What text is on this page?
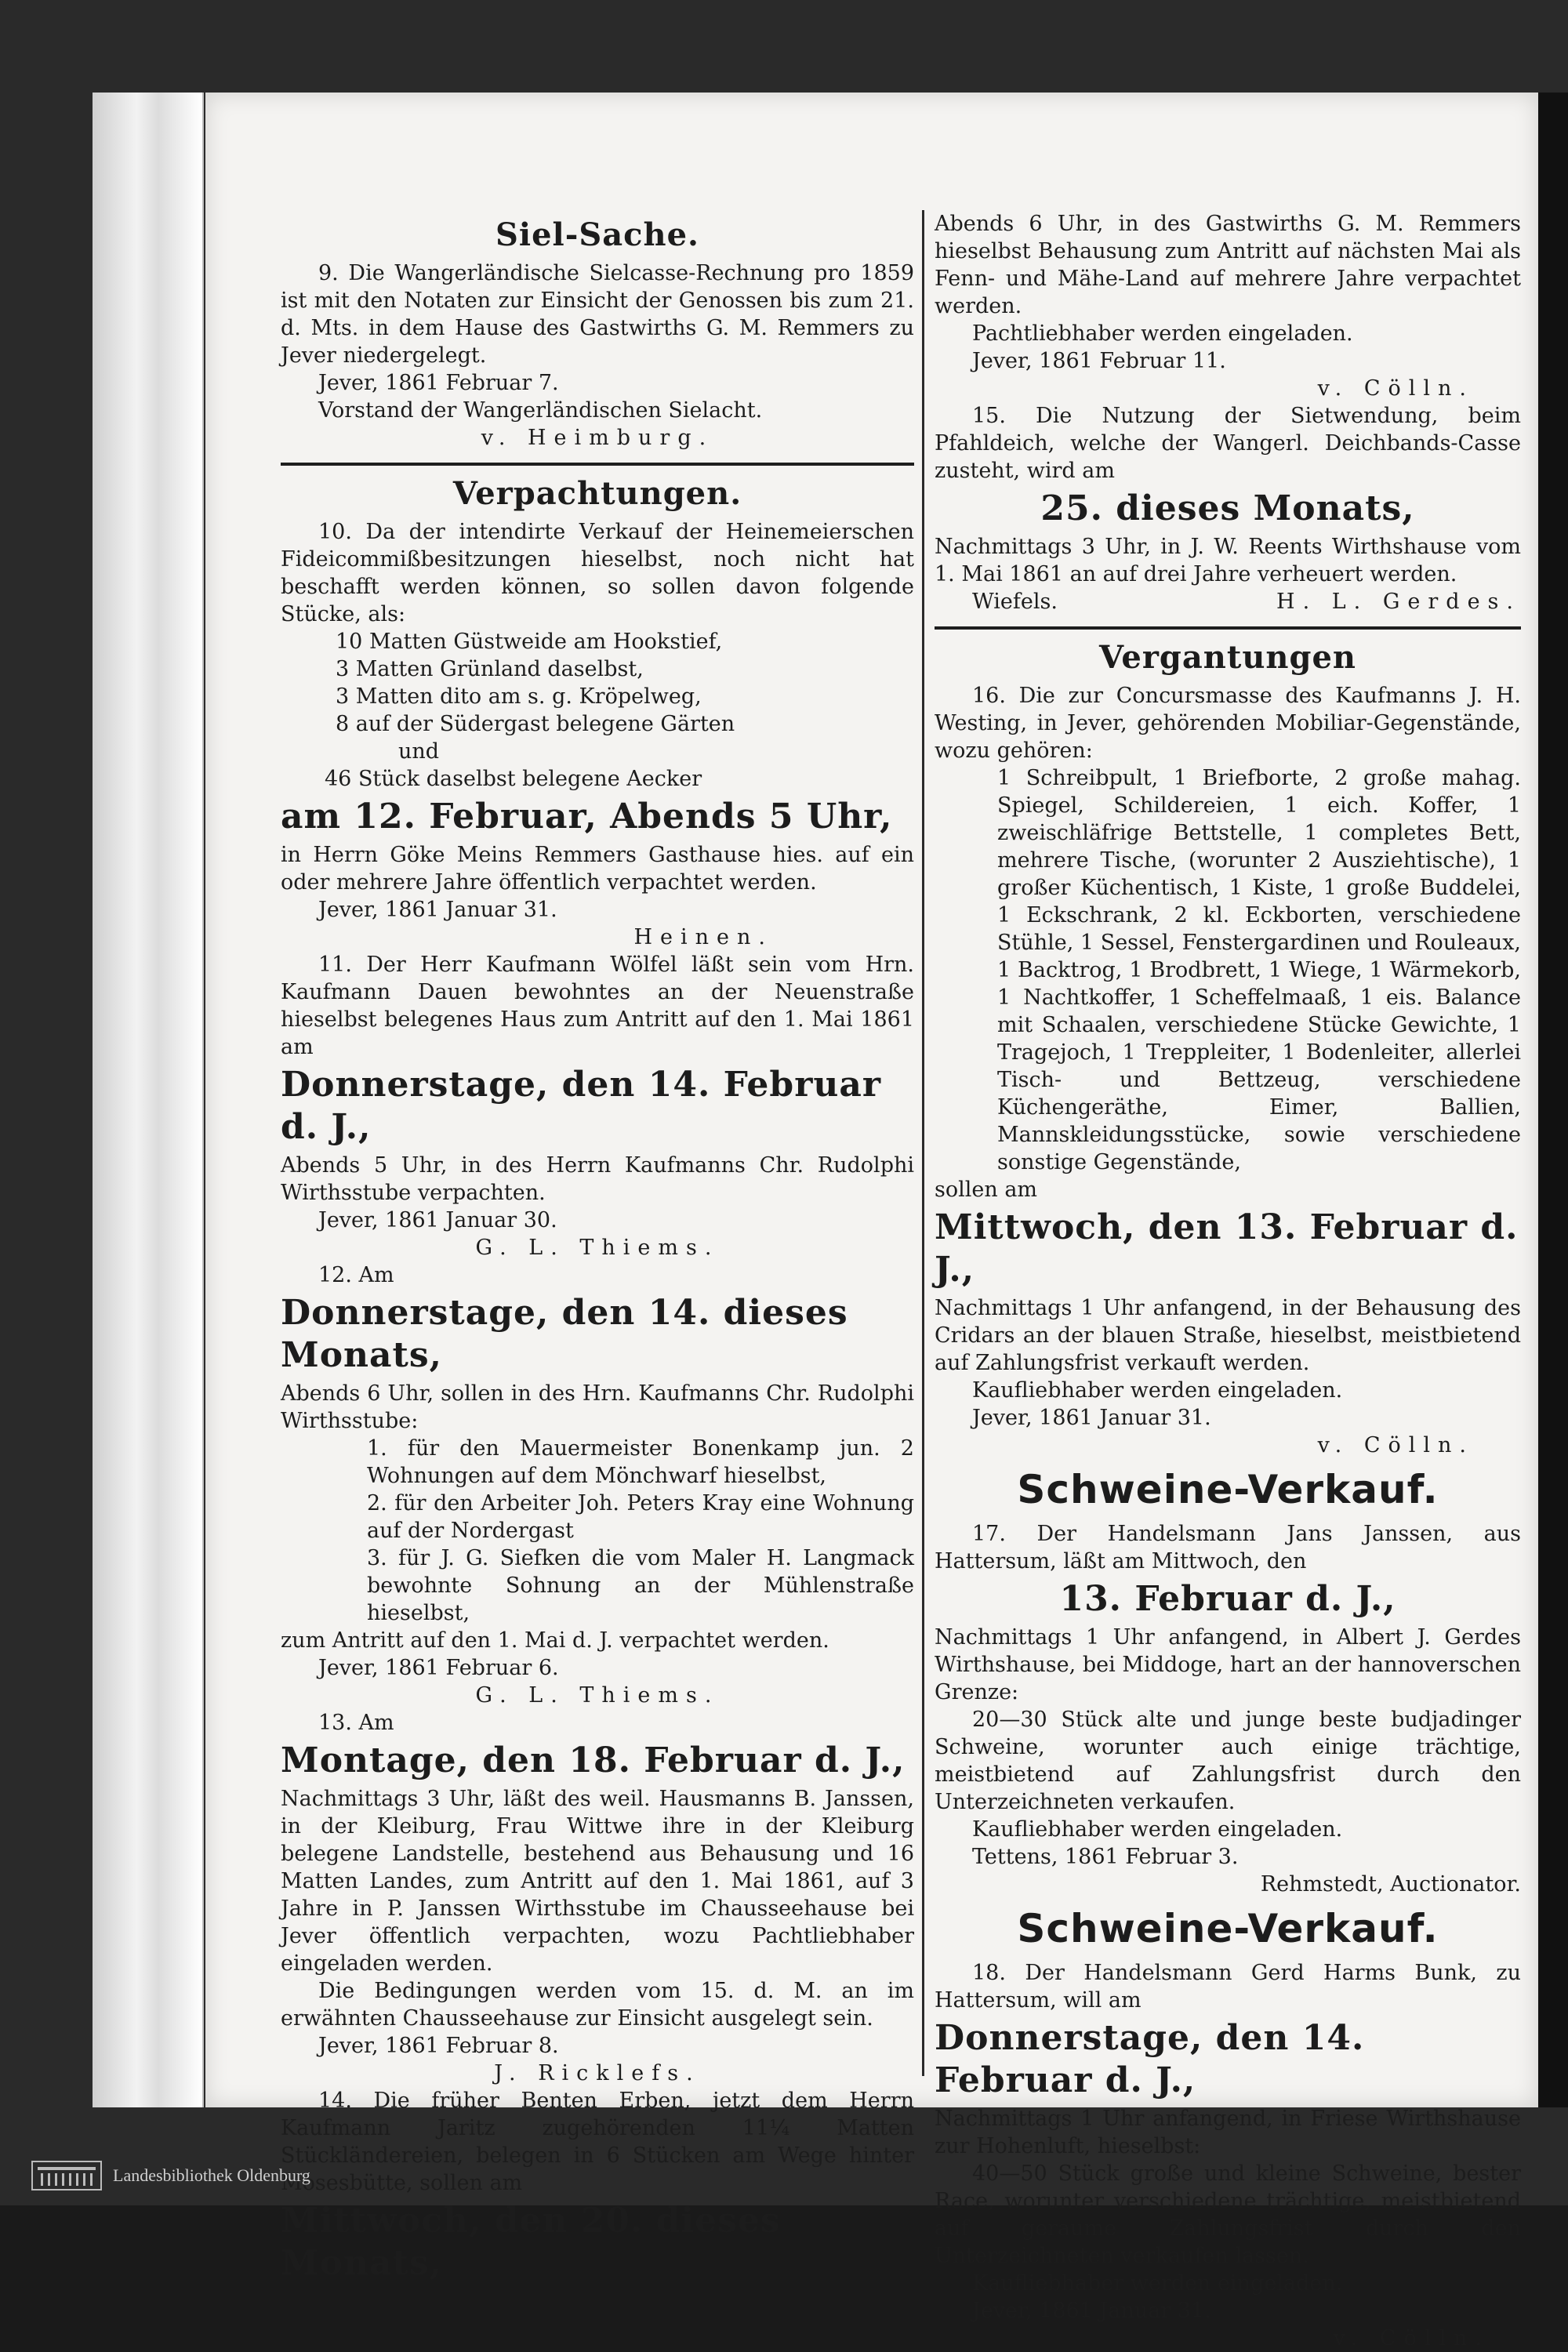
Siel-Sache.

9. Die Wangerländische Sielcasse-Rechnung pro 1859 ist mit den Notaten zur Einsicht der Genossen bis zum 21. d. Mts. in dem Hause des Gastwirths G. M. Remmers zu Jever niedergelegt.

Jever, 1861 Februar 7.

Vorstand der Wangerländischen Sielacht.

v. Heimburg.

Verpachtungen.

10. Da der intendirte Verkauf der Heinemeierschen Fideicommißbesitzungen hieselbst, noch nicht hat beschafft werden können, so sollen davon folgende Stücke, als:

10 Matten Güstweide am Hookstief,

3 Matten Grünland daselbst,

3 Matten dito am s. g. Kröpelweg,

8 auf der Südergast belegene Gärten

und

46 Stück daselbst belegene Aecker

am 12. Februar, Abends 5 Uhr,

in Herrn Göke Meins Remmers Gasthause hies. auf ein oder mehrere Jahre öffentlich verpachtet werden.

Jever, 1861 Januar 31.

Heinen.

11. Der Herr Kaufmann Wölfel läßt sein vom Hrn. Kaufmann Dauen bewohntes an der Neuenstraße hieselbst belegenes Haus zum Antritt auf den 1. Mai 1861 am

Donnerstage, den 14. Februar d. J.,

Abends 5 Uhr, in des Herrn Kaufmanns Chr. Rudolphi Wirthsstube verpachten.

Jever, 1861 Januar 30.

G. L. Thiems.

12. Am

Donnerstage, den 14. dieses Monats,

Abends 6 Uhr, sollen in des Hrn. Kaufmanns Chr. Rudolphi Wirthsstube:

1. für den Mauermeister Bonenkamp jun. 2 Wohnungen auf dem Mönchwarf hieselbst,

2. für den Arbeiter Joh. Peters Kray eine Wohnung auf der Nordergast

3. für J. G. Siefken die vom Maler H. Langmack bewohnte Sohnung an der Mühlenstraße hieselbst,

zum Antritt auf den 1. Mai d. J. verpachtet werden.

Jever, 1861 Februar 6.

G. L. Thiems.

13. Am

Montage, den 18. Februar d. J.,

Nachmittags 3 Uhr, läßt des weil. Hausmanns B. Janssen, in der Kleiburg, Frau Wittwe ihre in der Kleiburg belegene Landstelle, bestehend aus Behausung und 16 Matten Landes, zum Antritt auf den 1. Mai 1861, auf 3 Jahre in P. Janssen Wirthsstube im Chausseehause bei Jever öffentlich verpachten, wozu Pachtliebhaber eingeladen werden.

Die Bedingungen werden vom 15. d. M. an im erwähnten Chausseehause zur Einsicht ausgelegt sein.

Jever, 1861 Februar 8.

J. Ricklefs.

14. Die früher Benten Erben, jetzt dem Herrn Kaufmann Jaritz zugehörenden 11¼ Matten Stückländereien, belegen in 6 Stücken am Wege hinter Mosesbütte, sollen am

Mittwoch, den 20. dieses Monats,

Abends 6 Uhr, in des Gastwirths G. M. Remmers hieselbst Behausung zum Antritt auf nächsten Mai als Fenn- und Mähe-Land auf mehrere Jahre verpachtet werden.

Pachtliebhaber werden eingeladen.

Jever, 1861 Februar 11.

v. Cölln.

15. Die Nutzung der Sietwendung, beim Pfahldeich, welche der Wangerl. Deichbands-Casse zusteht, wird am

25. dieses Monats,

Nachmittags 3 Uhr, in J. W. Reents Wirthshause vom 1. Mai 1861 an auf drei Jahre verheuert werden.

Wiefels.	H. L. Gerdes.

Vergantungen

16. Die zur Concursmasse des Kaufmanns J. H. Westing, in Jever, gehörenden Mobiliar-Gegenstände, wozu gehören:

1 Schreibpult, 1 Briefborte, 2 große mahag. Spiegel, Schildereien, 1 eich. Koffer, 1 zweischläfrige Bettstelle, 1 completes Bett, mehrere Tische, (worunter 2 Ausziehtische), 1 großer Küchentisch, 1 Kiste, 1 große Buddelei, 1 Eckschrank, 2 kl. Eckborten, verschiedene Stühle, 1 Sessel, Fenstergardinen und Rouleaux, 1 Backtrog, 1 Brodbrett, 1 Wiege, 1 Wärmekorb, 1 Nachtkoffer, 1 Scheffelmaaß, 1 eis. Balance mit Schaalen, verschiedene Stücke Gewichte, 1 Tragejoch, 1 Treppleiter, 1 Bodenleiter, allerlei Tisch- und Bettzeug, verschiedene Küchengeräthe, Eimer, Ballien, Mannskleidungsstücke, sowie verschiedene sonstige Gegenstände,

sollen am

Mittwoch, den 13. Februar d. J.,

Nachmittags 1 Uhr anfangend, in der Behausung des Cridars an der blauen Straße, hieselbst, meistbietend auf Zahlungsfrist verkauft werden.

Kaufliebhaber werden eingeladen.

Jever, 1861 Januar 31.

v. Cölln.

Schweine-Verkauf.

17. Der Handelsmann Jans Janssen, aus Hattersum, läßt am Mittwoch, den

13. Februar d. J.,

Nachmittags 1 Uhr anfangend, in Albert J. Gerdes Wirthshause, bei Middoge, hart an der hannoverschen Grenze:

20—30 Stück alte und junge beste budjadinger Schweine, worunter auch einige trächtige, meistbietend auf Zahlungsfrist durch den Unterzeichneten verkaufen.

Kaufliebhaber werden eingeladen.

Tettens, 1861 Februar 3.

Rehmstedt, Auctionator.

Schweine-Verkauf.

18. Der Handelsmann Gerd Harms Bunk, zu Hattersum, will am

Donnerstage, den 14. Februar d. J.,

Nachmittags 1 Uhr anfangend, in Friese Wirthshause zur Hohenluft, hieselbst:

40—50 Stück große und kleine Schweine, bester Race, worunter verschiedene trächtige, meistbietend auf geraume Zahlungsfrist durch den Unterzeichneten verkaufen lassen.

Kaufliebhaber werden eingeladen.

Jever, 1861 Januar 31.

v. Cölln.

Landesbibliothek Oldenburg
